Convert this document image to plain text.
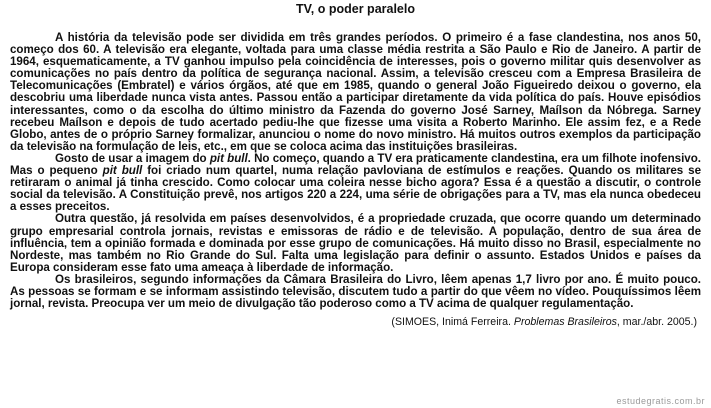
TV, o poder paralelo

A história da televisão pode ser dividida em três grandes períodos. O primeiro é a fase clandestina, nos anos 50, começo dos 60. A televisão era elegante, voltada para uma classe média restrita a São Paulo e Rio de Janeiro. A partir de 1964, esquematicamente, a TV ganhou impulso pela coincidência de interesses, pois o governo militar quis desenvolver as comunicações no país dentro da política de segurança nacional. Assim, a televisão cresceu com a Empresa Brasileira de Telecomunicações (Embratel) e vários órgãos, até que em 1985, quando o general João Figueiredo deixou o governo, ela descobriu uma liberdade nunca vista antes. Passou então a participar diretamente da vida política do país. Houve episódios interessantes, como o da escolha do último ministro da Fazenda do governo José Sarney, Maílson da Nóbrega. Sarney recebeu Maílson e depois de tudo acertado pediu-lhe que fizesse uma visita a Roberto Marinho. Ele assim fez, e a Rede Globo, antes de o próprio Sarney formalizar, anunciou o nome do novo ministro. Há muitos outros exemplos da participação da televisão na formulação de leis, etc., em que se coloca acima das instituições brasileiras.

Gosto de usar a imagem do pit bull. No começo, quando a TV era praticamente clandestina, era um filhote inofensivo. Mas o pequeno pit bull foi criado num quartel, numa relação pavloviana de estímulos e reações. Quando os militares se retiraram o animal já tinha crescido. Como colocar uma coleira nesse bicho agora? Essa é a questão a discutir, o controle social da televisão. A Constituição prevê, nos artigos 220 a 224, uma série de obrigações para a TV, mas ela nunca obedeceu a esses preceitos.

Outra questão, já resolvida em países desenvolvidos, é a propriedade cruzada, que ocorre quando um determinado grupo empresarial controla jornais, revistas e emissoras de rádio e de televisão. A população, dentro de sua área de influência, tem a opinião formada e dominada por esse grupo de comunicações. Há muito disso no Brasil, especialmente no Nordeste, mas também no Rio Grande do Sul. Falta uma legislação para definir o assunto. Estados Unidos e países da Europa consideram esse fato uma ameaça à liberdade de informação.

Os brasileiros, segundo informações da Câmara Brasileira do Livro, lêem apenas 1,7 livro por ano. É muito pouco. As pessoas se formam e se informam assistindo televisão, discutem tudo a partir do que vêem no vídeo. Pouquíssimos lêem jornal, revista. Preocupa ver um meio de divulgação tão poderoso como a TV acima de qualquer regulamentação.

(SIMOES, Inimá Ferreira. Problemas Brasileiros, mar./abr. 2005.)
estudegratis.com.br
